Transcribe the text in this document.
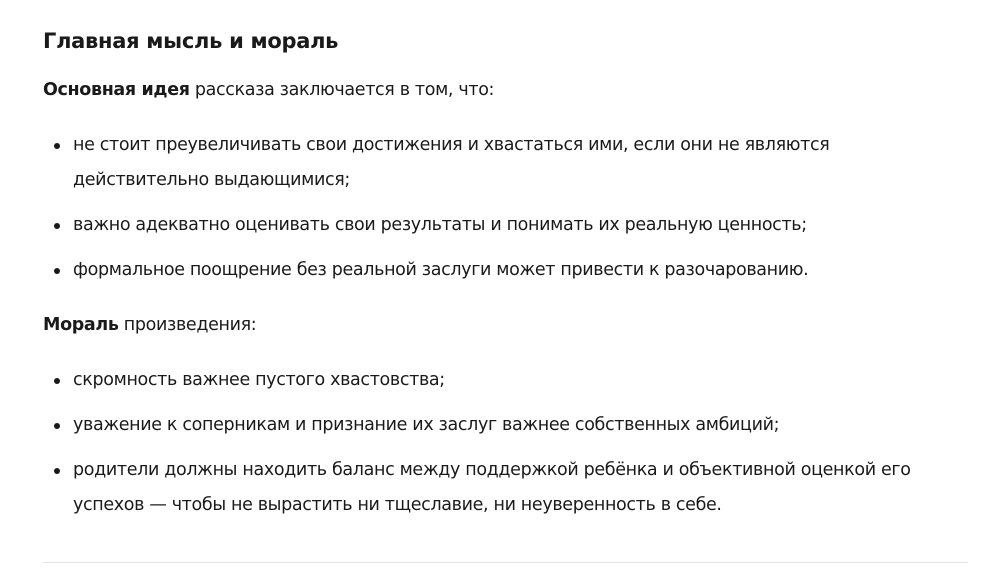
Главная мысль и мораль

Основная идея рассказа заключается в том, что:

не стоит преувеличивать свои достижения и хвастаться ими, если они не являются
действительно выдающимися;
важно адекватно оценивать свои результаты и понимать их реальную ценность;
формальное поощрение без реальной заслуги может привести к разочарованию.

Мораль произведения:

скромность важнее пустого хвастовства;
уважение к соперникам и признание их заслуг важнее собственных амбиций;
родители должны находить баланс между поддержкой ребёнка и объективной оценкой его
успехов — чтобы не вырастить ни тщеславие, ни неуверенность в себе.
